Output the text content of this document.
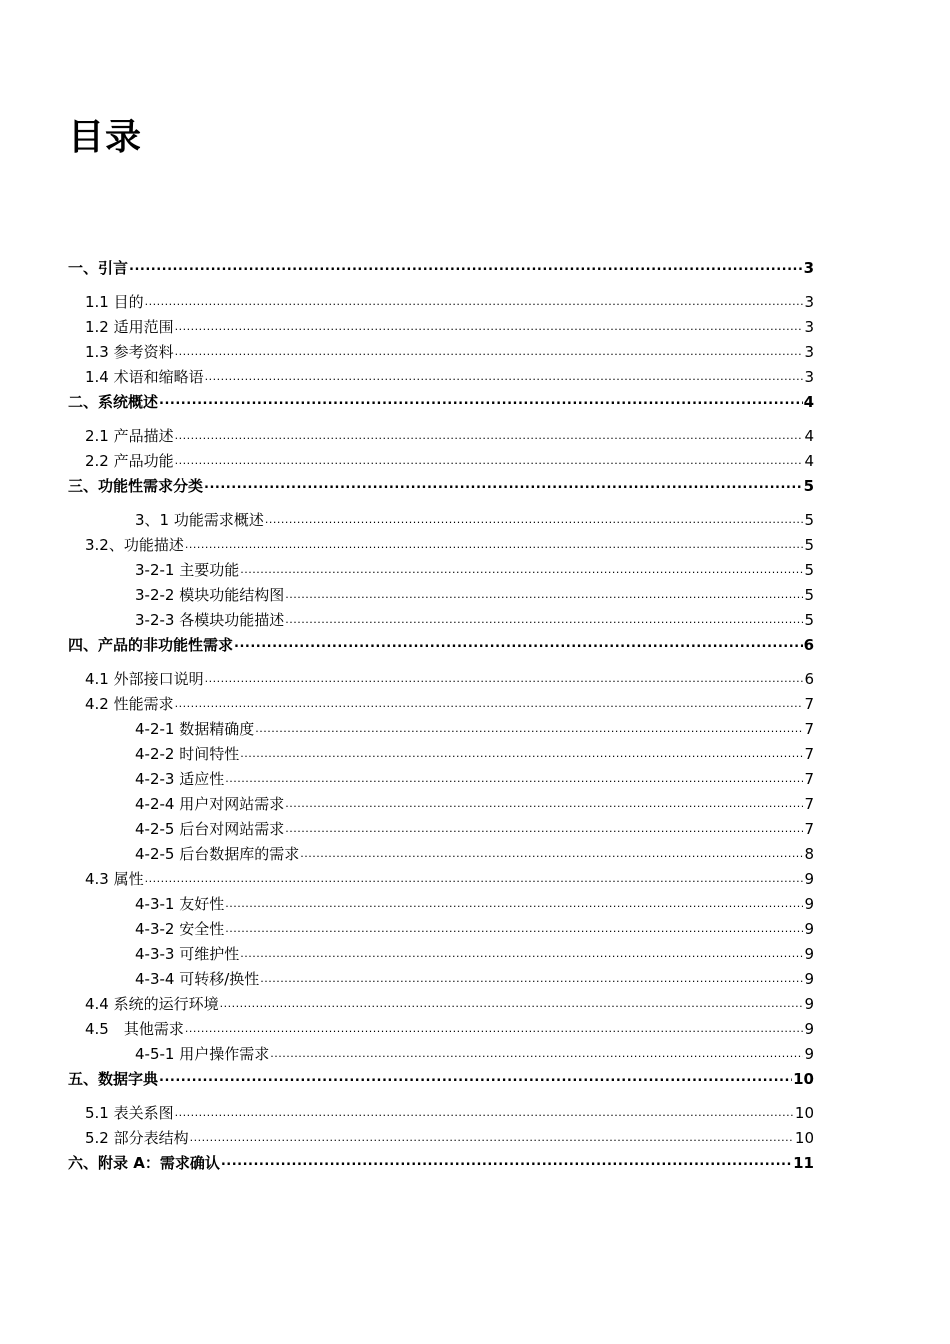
目录
一、引言 .....	3
1.1 目的 .....	3
1.2 适用范围 .....	3
1.3 参考资料 .....	3
1.4 术语和缩略语 .....	3
二、系统概述 .....	4
2.1 产品描述 .....	4
2.2 产品功能 .....	4
三、功能性需求分类 .....	5
3、1 功能需求概述 .....	5
3.2、功能描述 .....	5
3-2-1 主要功能 .....	5
3-2-2 模块功能结构图 .....	5
3-2-3 各模块功能描述 .....	5
四、产品的非功能性需求 .....	6
4.1 外部接口说明 .....	6
4.2 性能需求 .....	7
4-2-1 数据精确度 .....	7
4-2-2 时间特性 .....	7
4-2-3 适应性 .....	7
4-2-4 用户对网站需求 .....	7
4-2-5 后台对网站需求 .....	7
4-2-5 后台数据库的需求 .....	8
4.3 属性 .....	9
4-3-1 友好性 .....	9
4-3-2 安全性 .....	9
4-3-3 可维护性 .....	9
4-3-4 可转移/换性 .....	9
4.4 系统的运行环境 .....	9
4.5　其他需求 .....	9
4-5-1 用户操作需求 .....	9
五、数据字典 .....	10
5.1 表关系图 .....	10
5.2 部分表结构 .....	10
六、附录 A：需求确认 .....	11
